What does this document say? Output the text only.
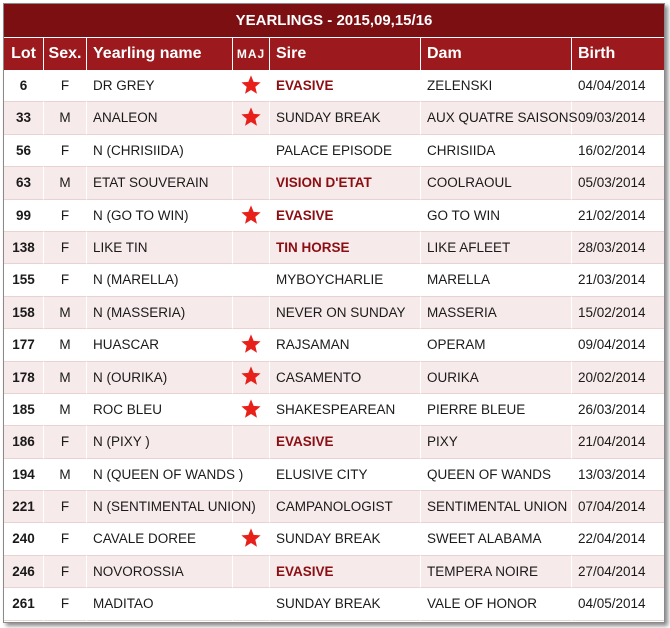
YEARLINGS - 2015,09,15/16
Lot Sex. Yearling name	MAJ Sire	Dam	Birth
6	F	DR GREY	EVASIVE	ZELENSKI	04/04/2014
33	M	ANALEON	SUNDAY BREAK	AUX QUATRE SAISONS 09/03/2014
56	F	N (CHRISIIDA)	PALACE EPISODE	CHRISIIDA	16/02/2014
63	M	ETAT SOUVERAIN	VISION D'ETAT	COOLRAOUL	05/03/2014
99	F	N (GO TO WIN)	EVASIVE	GO TO WIN	21/02/2014
138	F	LIKE TIN	TIN HORSE	LIKE AFLEET	28/03/2014
155	F	N (MARELLA)	MYBOYCHARLIE	MARELLA	21/03/2014
158	M	N (MASSERIA)	NEVER ON SUNDAY	MASSERIA	15/02/2014
177	M	HUASCAR	RAJSAMAN	OPERAM	09/04/2014
178	M	N (OURIKA)	CASAMENTO	OURIKA	20/02/2014
185	M	ROC BLEU	SHAKESPEAREAN	PIERRE BLEUE	26/03/2014
186	F	N (PIXY )	EVASIVE	PIXY	21/04/2014
194	M	N (QUEEN OF WANDS )	ELUSIVE CITY	QUEEN OF WANDS	13/03/2014
221	F	N (SENTIMENTAL UNION)	CAMPANOLOGIST	SENTIMENTAL UNION 07/04/2014
240	F	CAVALE DOREE	SUNDAY BREAK	SWEET ALABAMA	22/04/2014
246	F	NOVOROSSIA	EVASIVE	TEMPERA NOIRE	27/04/2014
261	F	MADITAO	SUNDAY BREAK	VALE OF HONOR	04/05/2014
